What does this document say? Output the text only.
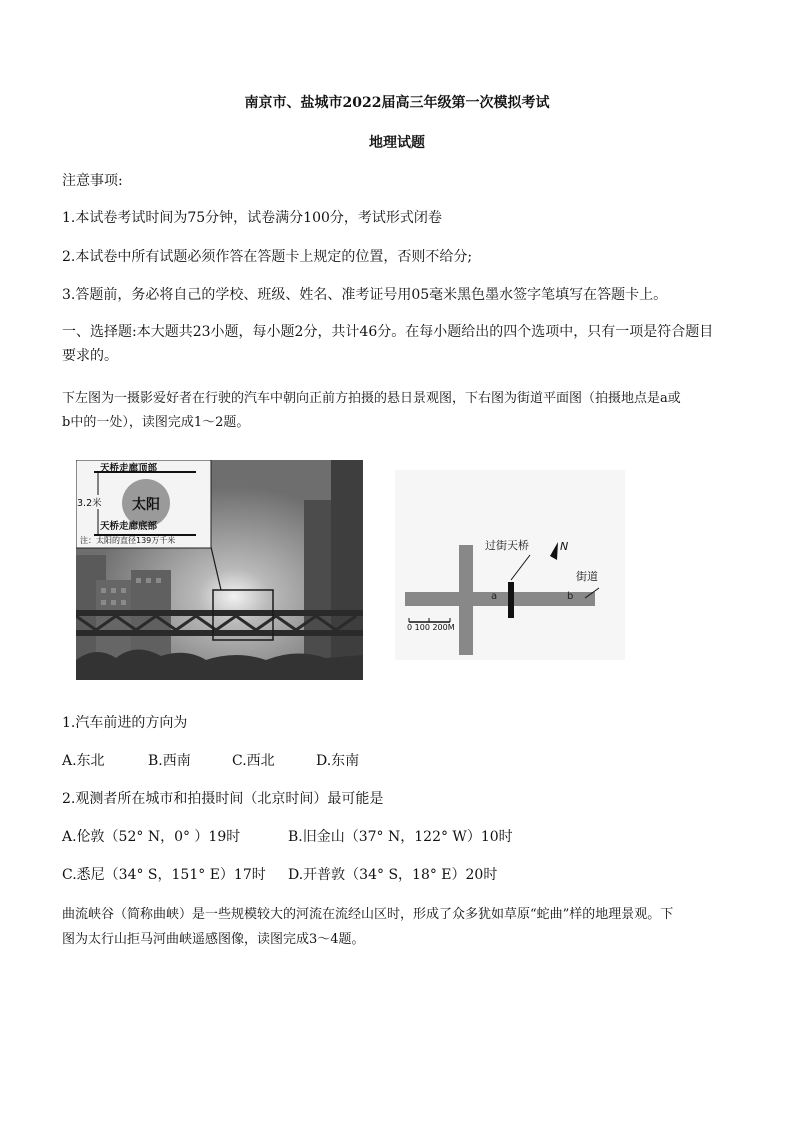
南京市、盐城市2022届高三年级第一次模拟考试
地理试题
注意事项:
1.本试卷考试时间为75分钟，试卷满分100分，考试形式闭卷
2.本试卷中所有试题必须作答在答题卡上规定的位置，否则不给分;
3.答题前，务必将自己的学校、班级、姓名、准考证号用05毫米黑色墨水签字笔填写在答题卡上。
一、选择题:本大题共23小题，每小题2分，共计46分。在每小题给出的四个选项中，只有一项是符合题目
要求的。
下左图为一摄影爱好者在行驶的汽车中朝向正前方拍摄的悬日景观图，下右图为街道平面图（拍摄地点是a或
b中的一处），读图完成1～2题。
天桥走廊顶部
3.2米 太阳
天桥走廊底部
注：太阳的直径139万千米	过街天桥
街道
a	b
N
0 100 200M
1.汽车前进的方向为
A.东北	B.西南	C.西北	D.东南
2.观测者所在城市和拍摄时间（北京时间）最可能是
A.伦敦（52° N，0° ）19时	B.旧金山（37° N，122° W）10时
C.悉尼（34° S，151° E）17时 D.开普敦（34° S，18° E）20时
曲流峡谷（简称曲峡）是一些规模较大的河流在流经山区时，形成了众多犹如草原“蛇曲”样的地理景观。下
图为太行山拒马河曲峡遥感图像，读图完成3～4题。
